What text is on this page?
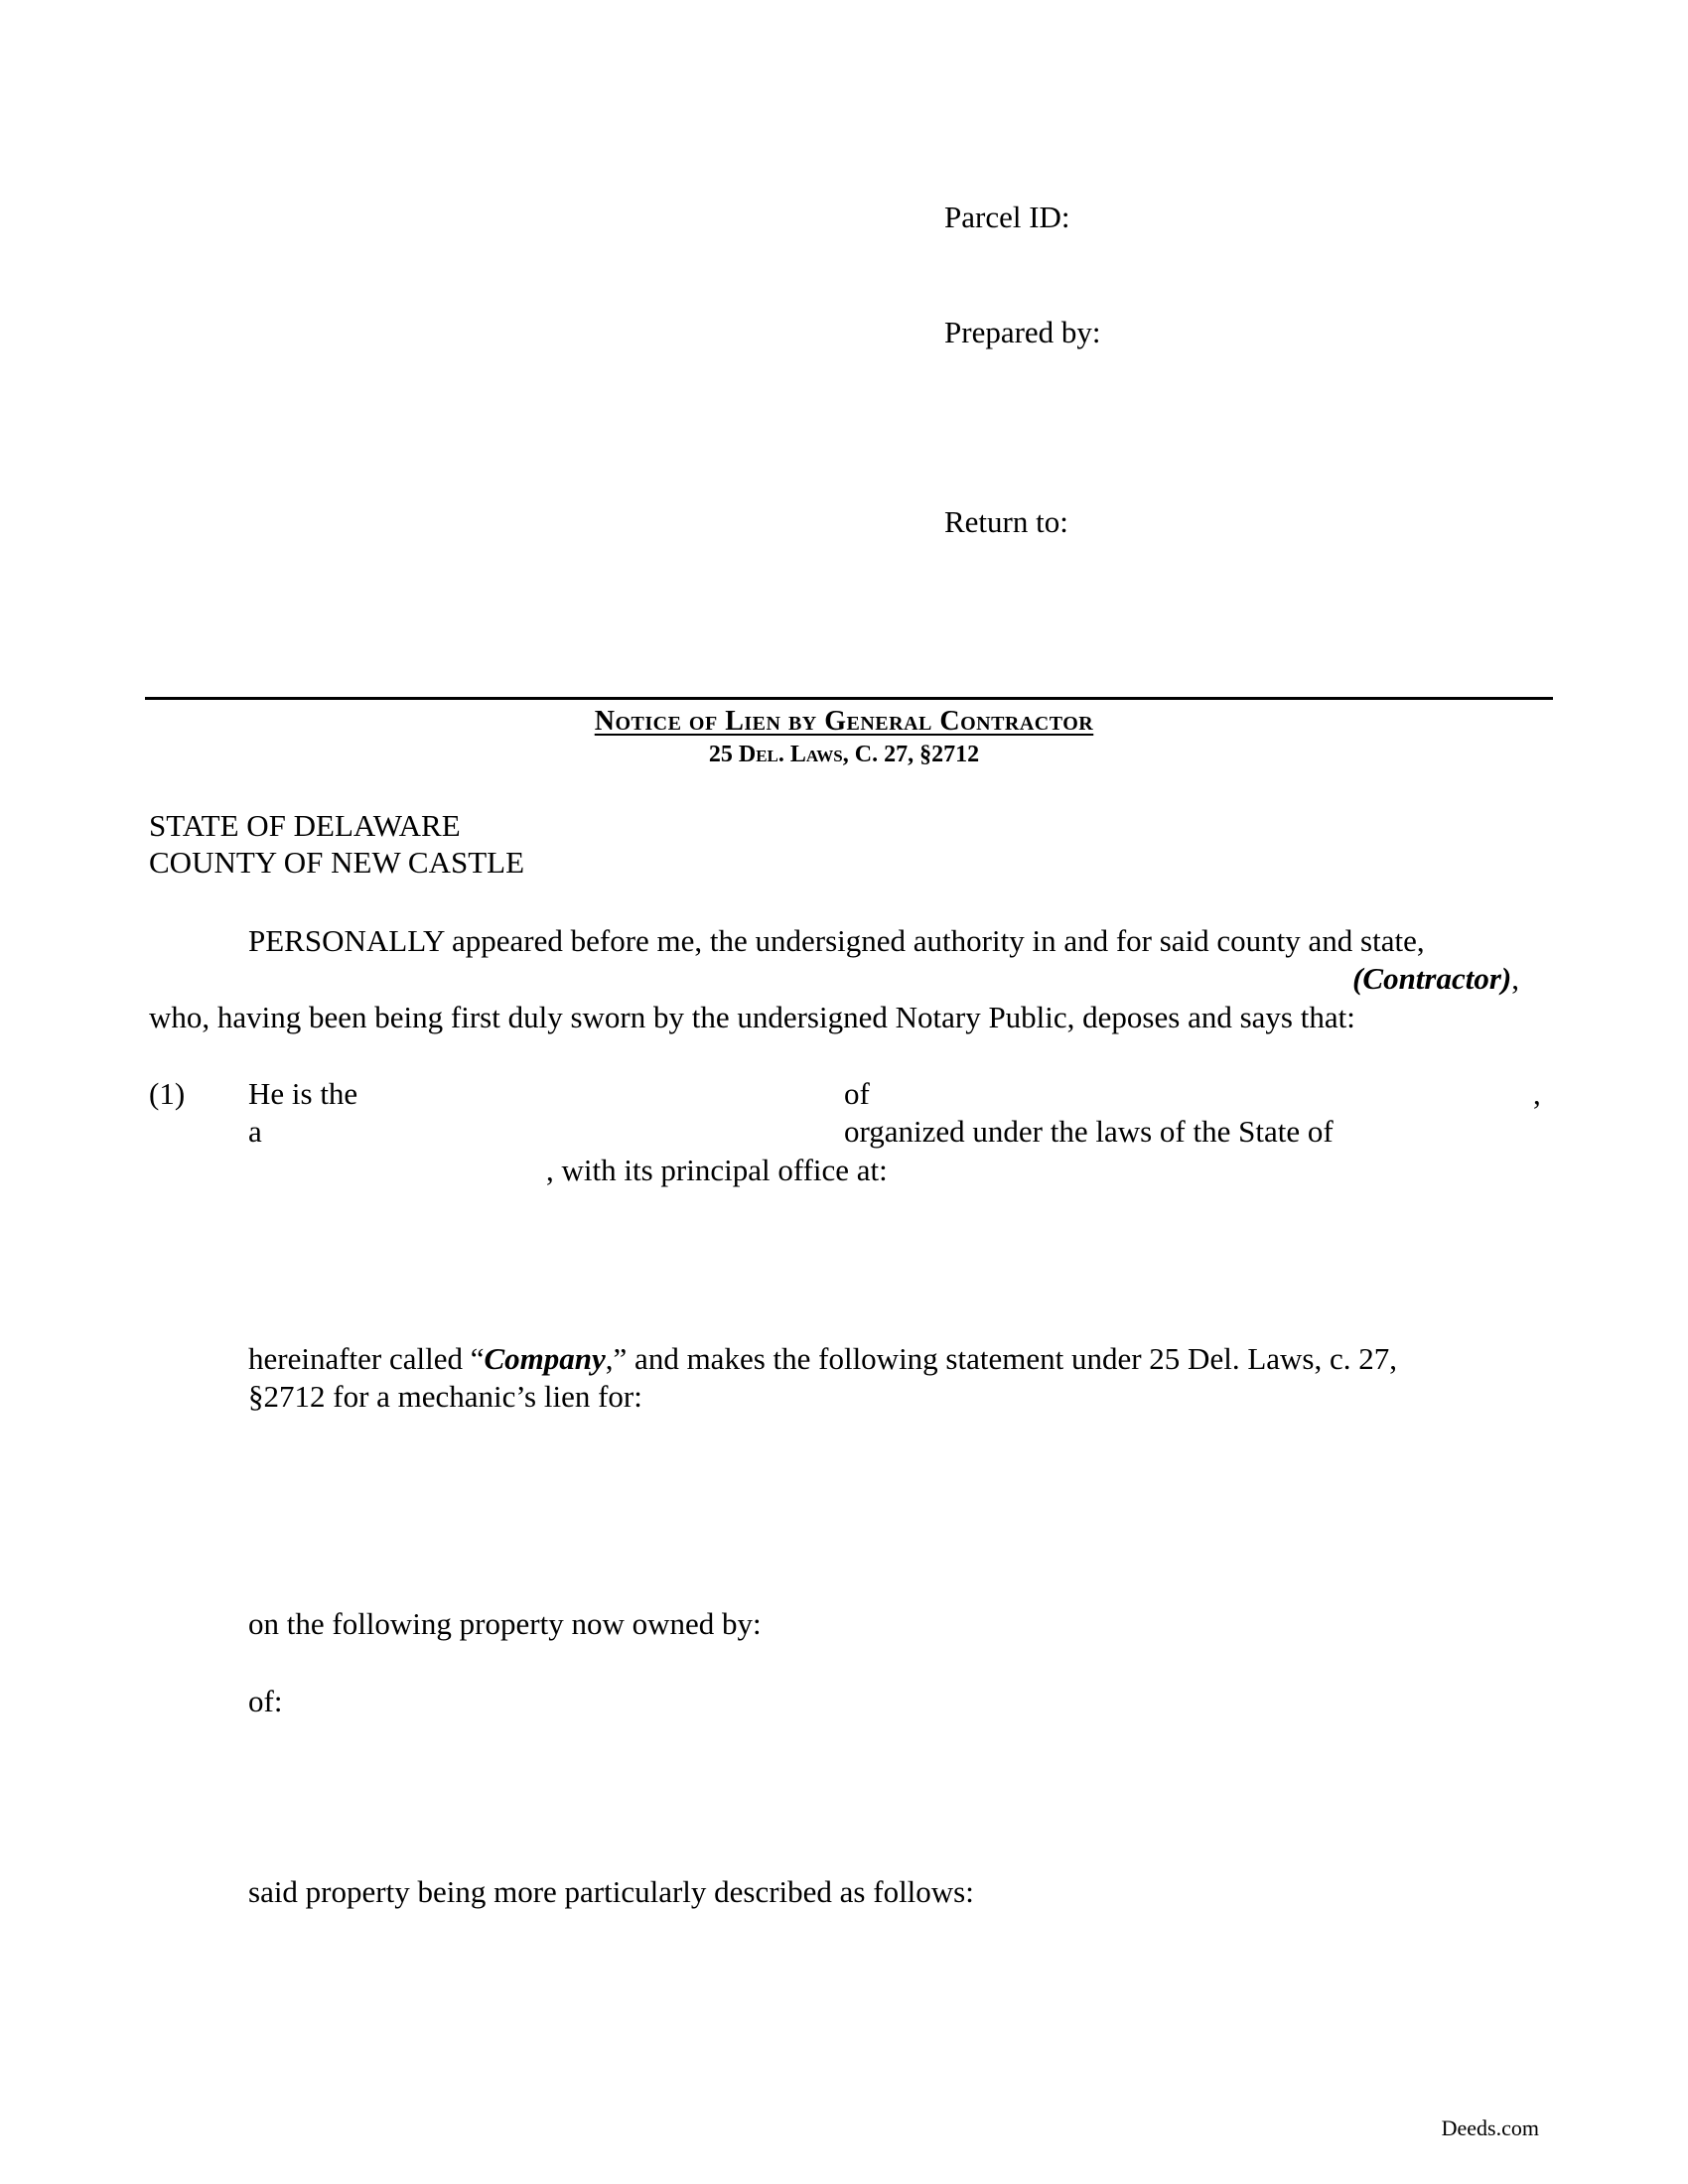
Parcel ID:
Prepared by:
Return to:
Notice of Lien by General Contractor
25 Del. Laws, C. 27, §2712
STATE OF DELAWARE
COUNTY OF NEW CASTLE
PERSONALLY appeared before me, the undersigned authority in and for said county and state,
(Contractor),
who, having been being first duly sworn by the undersigned Notary Public, deposes and says that:
(1) He is the	of	,
a	organized under the laws of the State of
, with its principal office at:
hereinafter called “Company,” and makes the following statement under 25 Del. Laws, c. 27,
§2712 for a mechanic’s lien for:
on the following property now owned by:
of:
said property being more particularly described as follows:
Deeds.com
